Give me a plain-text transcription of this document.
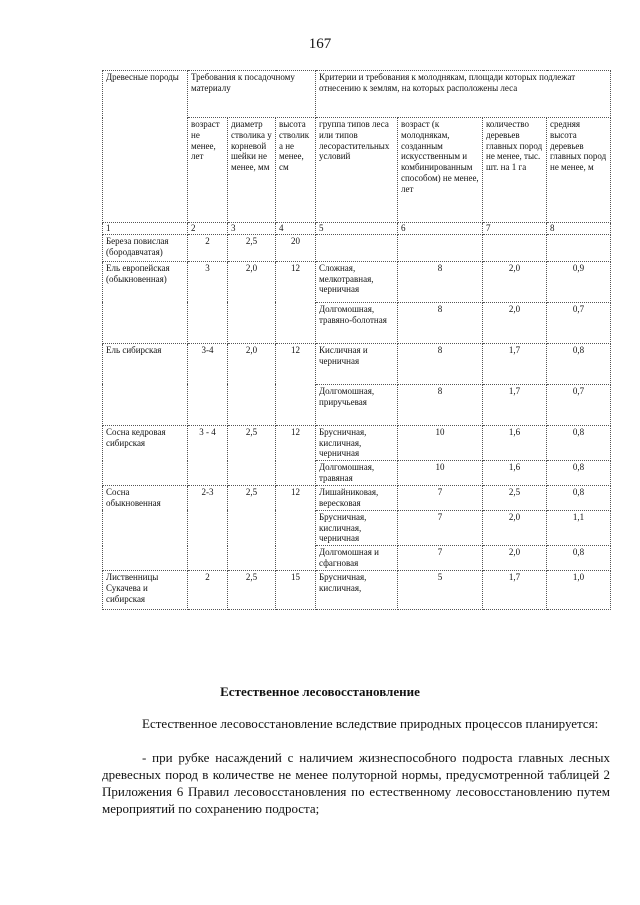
167
Древесные породы	Требования к посадочному материалу			Критерии и требования к молоднякам, площади которых подлежат отнесению к землям, на которых расположены леса			
	возраст не менее, лет	диаметр стволика у корневой шейки не менее, мм	высота стволика не менее, см	группа типов леса или типов лесорастительных условий	возраст (к молоднякам, созданным искусственным и комбинированным способом) не менее, лет	количество деревьев главных пород не менее, тыс. шт. на 1 га	средняя высота деревьев главных пород не менее, м
1	2	3	4	5	6	7	8
Береза повислая (бородавчатая)	2	2,5	20				
Ель европейская (обыкновенная)	3	2,0	12	Сложная, мелкотравная, черничная	8	2,0	0,9
				Долгомошная, травяно-болотная	8	2,0	0,7
Ель сибирская	3-4	2,0	12	Кисличная и черничная	8	1,7	0,8
				Долгомошная, приручьевая	8	1,7	0,7
Сосна кедровая сибирская	3 - 4	2,5	12	Брусничная, кисличная, черничная	10	1,6	0,8
				Долгомошная, травяная	10	1,6	0,8
Сосна обыкновенная	2-3	2,5	12	Лишайниковая, вересковая	7	2,5	0,8
				Брусничная, кисличная, черничная	7	2,0	1,1
				Долгомошная и сфагновая	7	2,0	0,8
Лиственницы Сукачева и сибирская	2	2,5	15	Брусничная, кисличная,	5	1,7	1,0
Естественное лесовосстановление
Естественное лесовосстановление вследствие природных процессов планируется:
- при рубке насаждений с наличием жизнеспособного подроста главных лесных древесных пород в количестве не менее полуторной нормы, предусмотренной таблицей 2 Приложения 6 Правил лесовосстановления по естественному лесовосстановлению путем мероприятий по сохранению подроста;
